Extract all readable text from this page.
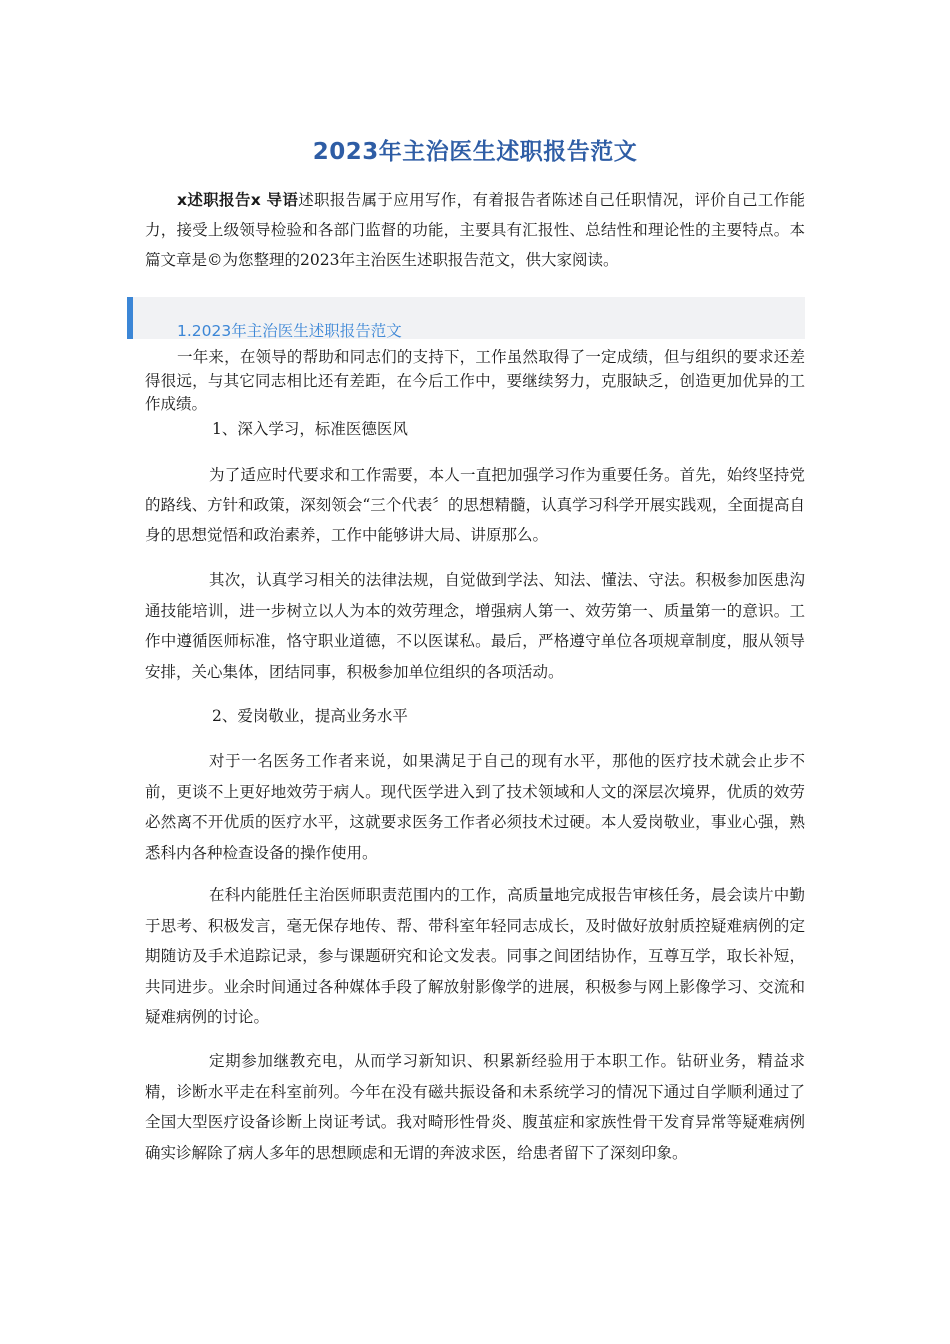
2023年主治医生述职报告范文

x述职报告x 导语述职报告属于应用写作，有着报告者陈述自己任职情况，评价自己工作能力，接受上级领导检验和各部门监督的功能，主要具有汇报性、总结性和理论性的主要特点。本篇文章是©为您整理的2023年主治医生述职报告范文，供大家阅读。

1.2023年主治医生述职报告范文

一年来，在领导的帮助和同志们的支持下，工作虽然取得了一定成绩，但与组织的要求还差得很远，与其它同志相比还有差距，在今后工作中，要继续努力，克服缺乏，创造更加优异的工作成绩。

1、深入学习，标准医德医风

为了适应时代要求和工作需要，本人一直把加强学习作为重要任务。首先，始终坚持党的路线、方针和政策，深刻领会“三个代表〞的思想精髓，认真学习科学开展实践观，全面提高自身的思想觉悟和政治素养，工作中能够讲大局、讲原那么。

其次，认真学习相关的法律法规，自觉做到学法、知法、懂法、守法。积极参加医患沟通技能培训，进一步树立以人为本的效劳理念，增强病人第一、效劳第一、质量第一的意识。工作中遵循医师标准，恪守职业道德，不以医谋私。最后，严格遵守单位各项规章制度，服从领导安排，关心集体，团结同事，积极参加单位组织的各项活动。

2、爱岗敬业，提高业务水平

对于一名医务工作者来说，如果满足于自己的现有水平，那他的医疗技术就会止步不前，更谈不上更好地效劳于病人。现代医学进入到了技术领域和人文的深层次境界，优质的效劳必然离不开优质的医疗水平，这就要求医务工作者必须技术过硬。本人爱岗敬业，事业心强，熟悉科内各种检查设备的操作使用。

在科内能胜任主治医师职责范围内的工作，高质量地完成报告审核任务，晨会读片中勤于思考、积极发言，毫无保存地传、帮、带科室年轻同志成长，及时做好放射质控疑难病例的定期随访及手术追踪记录，参与课题研究和论文发表。同事之间团结协作，互尊互学，取长补短，共同进步。业余时间通过各种媒体手段了解放射影像学的进展，积极参与网上影像学习、交流和疑难病例的讨论。

定期参加继教充电，从而学习新知识、积累新经验用于本职工作。钻研业务，精益求精，诊断水平走在科室前列。今年在没有磁共振设备和未系统学习的情况下通过自学顺利通过了全国大型医疗设备诊断上岗证考试。我对畸形性骨炎、腹茧症和家族性骨干发育异常等疑难病例确实诊解除了病人多年的思想顾虑和无谓的奔波求医，给患者留下了深刻印象。
